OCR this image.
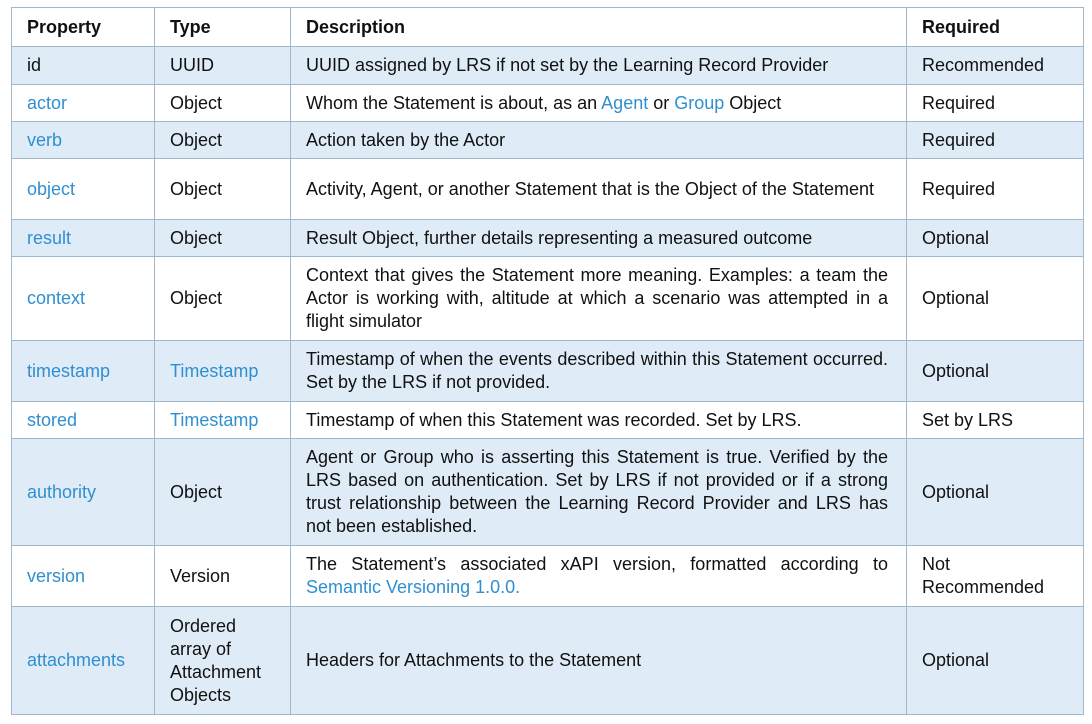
Property	Type	Description	Required
id	UUID	UUID assigned by LRS if not set by the Learning Record Provider	Recommended
actor	Object	Whom the Statement is about, as an Agent or Group Object	Required
verb	Object	Action taken by the Actor	Required
object	Object	Activity, Agent, or another Statement that is the Object of the Statement	Required
result	Object	Result Object, further details representing a measured outcome	Optional
context	Object	Context that gives the Statement more meaning. Examples: a team the Actor is working with, altitude at which a scenario was attempted in a flight simulator	Optional
timestamp	Timestamp	Timestamp of when the events described within this Statement occurred. Set by the LRS if not provided.	Optional
stored	Timestamp	Timestamp of when this Statement was recorded. Set by LRS.	Set by LRS
authority	Object	Agent or Group who is asserting this Statement is true. Verified by the LRS based on authentication. Set by LRS if not provided or if a strong trust relationship between the Learning Record Provider and LRS has not been established.	Optional
version	Version	The Statement’s associated xAPI version, formatted according to Semantic Versioning 1.0.0.	Not Recommended
attachments	Ordered array of Attachment Objects	Headers for Attachments to the Statement	Optional
